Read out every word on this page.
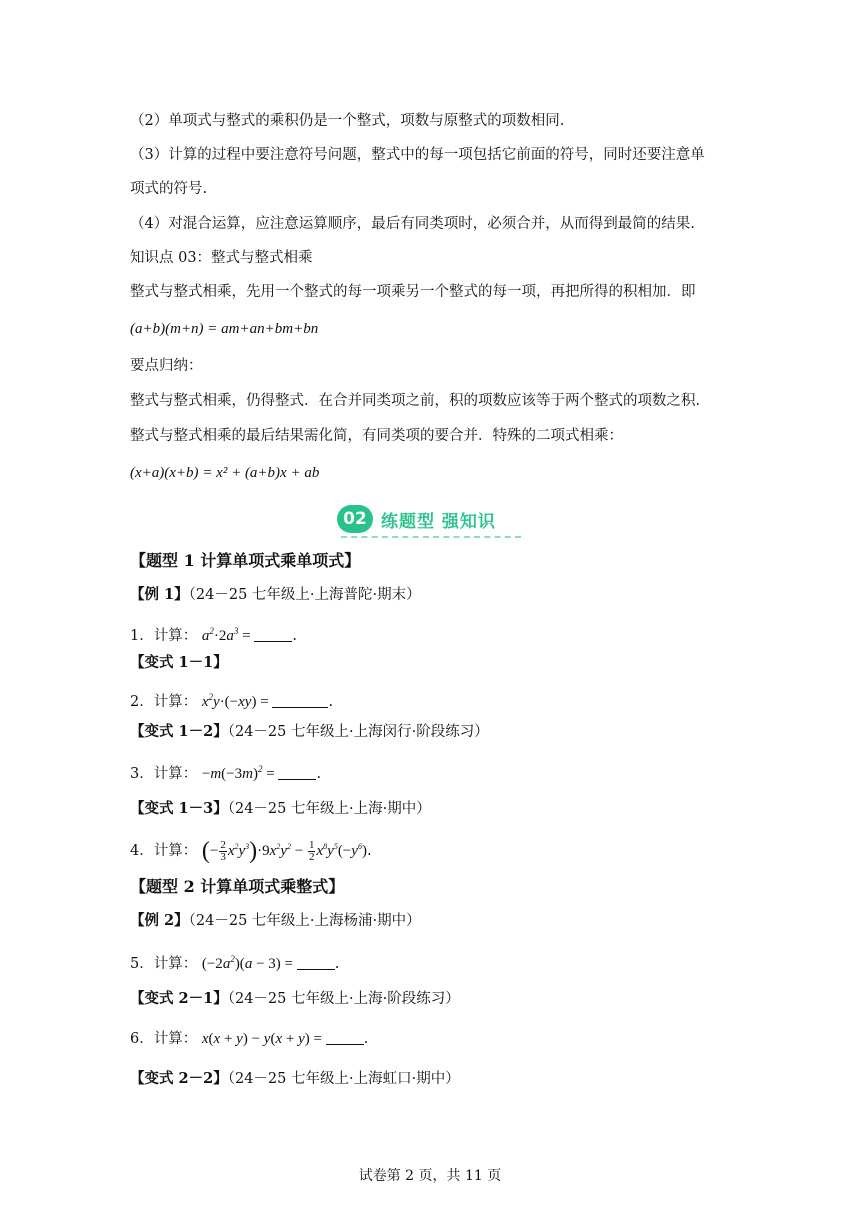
（2）单项式与整式的乘积仍是一个整式，项数与原整式的项数相同.
（3）计算的过程中要注意符号问题，整式中的每一项包括它前面的符号，同时还要注意单
项式的符号.
（4）对混合运算，应注意运算顺序，最后有同类项时，必须合并，从而得到最简的结果.
知识点 03：整式与整式相乘
整式与整式相乘，先用一个整式的每一项乘另一个整式的每一项，再把所得的积相加．即
(a+b)(m+n) = am+an+bm+bn
要点归纳：
整式与整式相乘，仍得整式．在合并同类项之前，积的项数应该等于两个整式的项数之积.
整式与整式相乘的最后结果需化简，有同类项的要合并．特殊的二项式相乘：
(x+a)(x+b) = x² + (a+b)x + ab
02 练题型 强知识
【题型 1 计算单项式乘单项式】
【例 1】（24－25 七年级上·上海普陀·期末）
1．计算： $a^2\cdot 2a^3$ =	.
【变式 1－1】
2．计算： $x^2y\cdot(-xy)$ =	.
【变式 1－2】（24－25 七年级上·上海闵行·阶段练习）
3．计算： $-m(-3m)^2$ =	.
【变式 1－3】（24－25 七年级上·上海·期中）
4．计算： (− $\frac{2}{3} x^2y^3)\cdot 9x^2y^2 - \frac{1}{2} x^8y^5(-y^6)$.
【题型 2 计算单项式乘整式】
【例 2】（24－25 七年级上·上海杨浦·期中）
5．计算： $(-2a^2)(a - 3)$ =	.
【变式 2－1】（24－25 七年级上·上海·阶段练习）
6．计算： x(x + y) − y(x + y) =	.
【变式 2－2】（24－25 七年级上·上海虹口·期中）
试卷第 2 页，共 11 页
